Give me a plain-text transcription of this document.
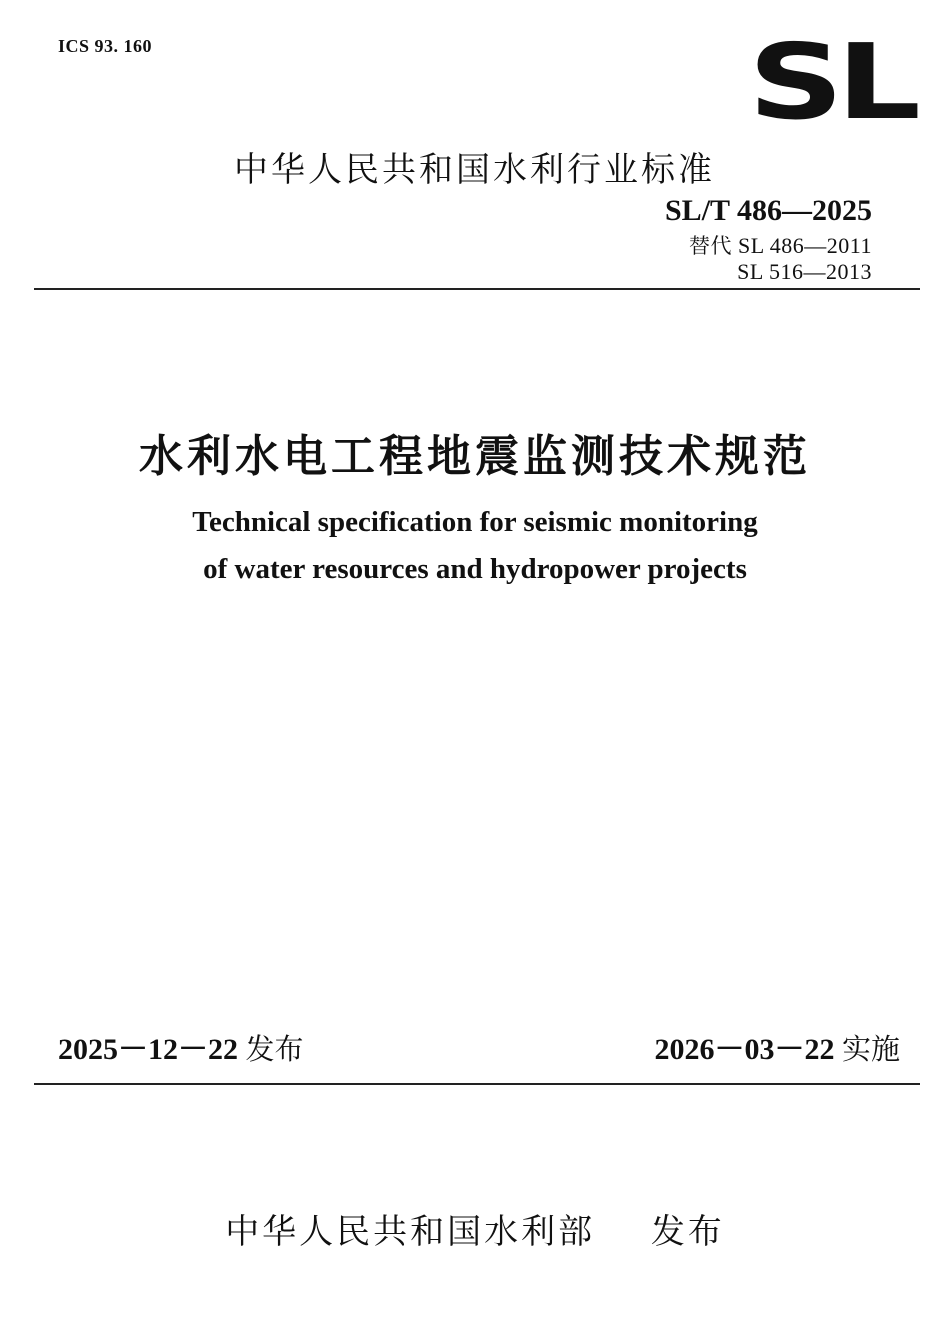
ICS 93. 160	SL
中华人民共和国水利行业标准
SL/T 486—2025
替代 SL 486—2011
SL 516—2013
水利水电工程地震监测技术规范
Technical specification for seismic monitoring
of water resources and hydropower projects
2025－12－22 发布	2026－03－22 实施
中华人民共和国水利部 发布
